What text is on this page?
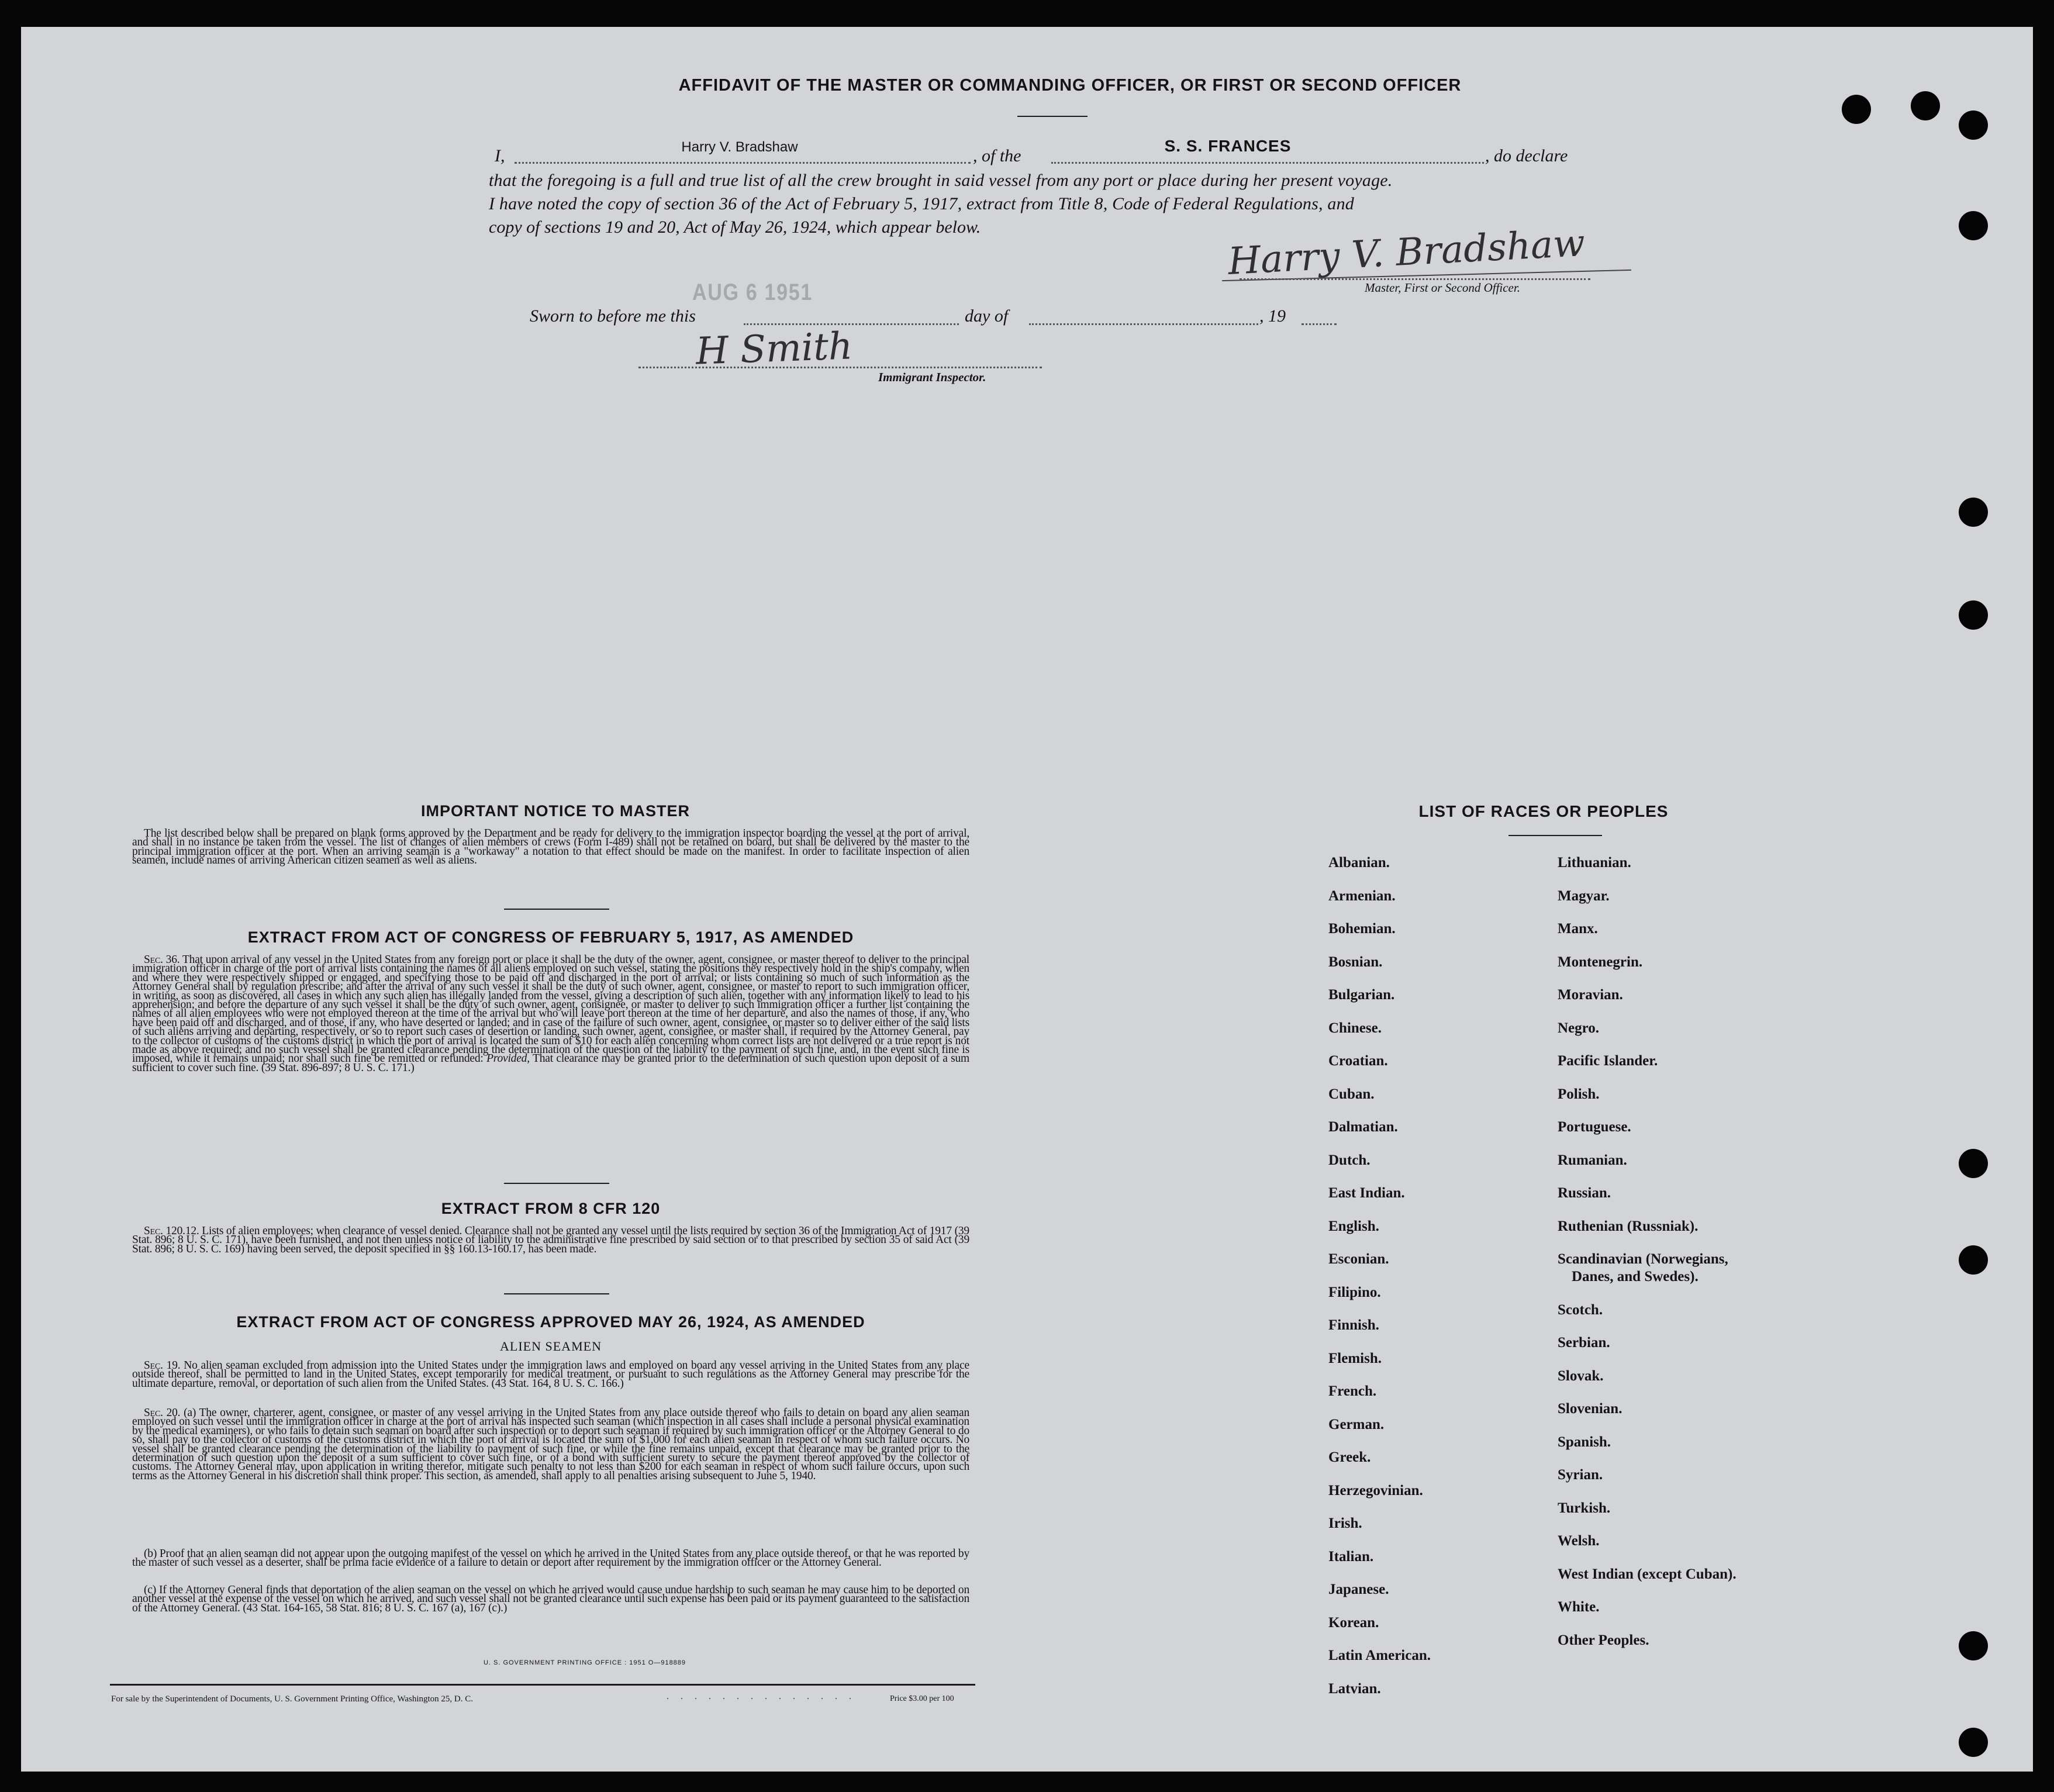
AFFIDAVIT OF THE MASTER OR COMMANDING OFFICER, OR FIRST OR SECOND OFFICER
I,	Harry V. Bradshaw	, of the
S. S. FRANCES
, do declare
that the foregoing is a full and true list of all the crew brought in said vessel from any port or place during her present voyage.
I have noted the copy of section 36 of the Act of February 5, 1917, extract from Title 8, Code of Federal Regulations, and
copy of sections 19 and 20, Act of May 26, 1924, which appear below.	Harry V. Bradshaw
Master, First or Second Officer.
AUG 6 1951
Sworn to before me this	day of	, 19
H Smith
Immigrant Inspector.
IMPORTANT NOTICE TO MASTER
The list described below shall be prepared on blank forms approved by the Department and be ready for delivery to the immigration inspector boarding the vessel at the port of arrival, and shall in no instance be taken from the vessel. The list of changes of alien members of crews (Form I-489) shall not be retained on board, but shall be delivered by the master to the principal immigration officer at the port. When an arriving seaman is a "workaway" a notation to that effect should be made on the manifest. In order to facilitate inspection of alien seamen, include names of arriving American citizen seamen as well as aliens.
EXTRACT FROM ACT OF CONGRESS OF FEBRUARY 5, 1917, AS AMENDED
Sec. 36. That upon arrival of any vessel in the United States from any foreign port or place it shall be the duty of the owner, agent, consignee, or master thereof to deliver to the principal immigration officer in charge of the port of arrival lists containing the names of all aliens employed on such vessel, stating the positions they respectively hold in the ship's company, when and where they were respectively shipped or engaged, and specifying those to be paid off and discharged in the port of arrival; or lists containing so much of such information as the Attorney General shall by regulation prescribe; and after the arrival of any such vessel it shall be the duty of such owner, agent, consignee, or master to report to such immigration officer, in writing, as soon as discovered, all cases in which any such alien has illegally landed from the vessel, giving a description of such alien, together with any information likely to lead to his apprehension; and before the departure of any such vessel it shall be the duty of such owner, agent, consignee, or master to deliver to such immigration officer a further list containing the names of all alien employees who were not employed thereon at the time of the arrival but who will leave port thereon at the time of her departure, and also the names of those, if any, who have been paid off and discharged, and of those, if any, who have deserted or landed; and in case of the failure of such owner, agent, consignee, or master so to deliver either of the said lists of such aliens arriving and departing, respectively, or so to report such cases of desertion or landing, such owner, agent, consignee, or master shall, if required by the Attorney General, pay to the collector of customs of the customs district in which the port of arrival is located the sum of $10 for each alien concerning whom correct lists are not delivered or a true report is not made as above required; and no such vessel shall be granted clearance pending the determination of the question of the liability to the payment of such fine, and, in the event such fine is imposed, while it remains unpaid; nor shall such fine be remitted or refunded: Provided, That clearance may be granted prior to the determination of such question upon deposit of a sum sufficient to cover such fine. (39 Stat. 896-897; 8 U. S. C. 171.)
EXTRACT FROM 8 CFR 120
Sec. 120.12. Lists of alien employees; when clearance of vessel denied. Clearance shall not be granted any vessel until the lists required by section 36 of the Immigration Act of 1917 (39 Stat. 896; 8 U. S. C. 171), have been furnished, and not then unless notice of liability to the administrative fine prescribed by said section or to that prescribed by section 35 of said Act (39 Stat. 896; 8 U. S. C. 169) having been served, the deposit specified in §§ 160.13-160.17, has been made.
EXTRACT FROM ACT OF CONGRESS APPROVED MAY 26, 1924, AS AMENDED
ALIEN SEAMEN
Sec. 19. No alien seaman excluded from admission into the United States under the immigration laws and employed on board any vessel arriving in the United States from any place outside thereof, shall be permitted to land in the United States, except temporarily for medical treatment, or pursuant to such regulations as the Attorney General may prescribe for the ultimate departure, removal, or deportation of such alien from the United States. (43 Stat. 164, 8 U. S. C. 166.)
Sec. 20. (a) The owner, charterer, agent, consignee, or master of any vessel arriving in the United States from any place outside thereof who fails to detain on board any alien seaman employed on such vessel until the immigration officer in charge at the port of arrival has inspected such seaman (which inspection in all cases shall include a personal physical examination by the medical examiners), or who fails to detain such seaman on board after such inspection or to deport such seaman if required by such immigration officer or the Attorney General to do so, shall pay to the collector of customs of the customs district in which the port of arrival is located the sum of $1,000 for each alien seaman in respect of whom such failure occurs. No vessel shall be granted clearance pending the determination of the liability to payment of such fine, or while the fine remains unpaid, except that clearance may be granted prior to the determination of such question upon the deposit of a sum sufficient to cover such fine, or of a bond with sufficient surety to secure the payment thereof approved by the collector of customs. The Attorney General may, upon application in writing therefor, mitigate such penalty to not less than $200 for each seaman in respect of whom such failure occurs, upon such terms as the Attorney General in his discretion shall think proper. This section, as amended, shall apply to all penalties arising subsequent to June 5, 1940.
(b) Proof that an alien seaman did not appear upon the outgoing manifest of the vessel on which he arrived in the United States from any place outside thereof, or that he was reported by the master of such vessel as a deserter, shall be prima facie evidence of a failure to detain or deport after requirement by the immigration officer or the Attorney General.
(c) If the Attorney General finds that deportation of the alien seaman on the vessel on which he arrived would cause undue hardship to such seaman he may cause him to be deported on another vessel at the expense of the vessel on which he arrived, and such vessel shall not be granted clearance until such expense has been paid or its payment guaranteed to the satisfaction of the Attorney General. (43 Stat. 164-165, 58 Stat. 816; 8 U. S. C. 167 (a), 167 (c).)
U. S. GOVERNMENT PRINTING OFFICE : 1951 O—918889
For sale by the Superintendent of Documents, U. S. Government Printing Office, Washington 25, D. C.	..............	Price $3.00 per 100
LIST OF RACES OR PEOPLES
Albanian.
Armenian.
Bohemian.
Bosnian.
Bulgarian.
Chinese.
Croatian.
Cuban.
Dalmatian.
Dutch.
East Indian.
English.
Esconian.
Filipino.
Finnish.
Flemish.
French.
German.
Greek.
Herzegovinian.
Irish.
Italian.
Japanese.
Korean.
Latin American.
Latvian.
Lithuanian.
Magyar.
Manx.
Montenegrin.
Moravian.
Negro.
Pacific Islander.
Polish.
Portuguese.
Rumanian.
Russian.
Ruthenian (Russniak).
Scandinavian (Norwegians,
Danes, and Swedes).
Scotch.
Serbian.
Slovak.
Slovenian.
Spanish.
Syrian.
Turkish.
Welsh.
West Indian (except Cuban).
White.
Other Peoples.
